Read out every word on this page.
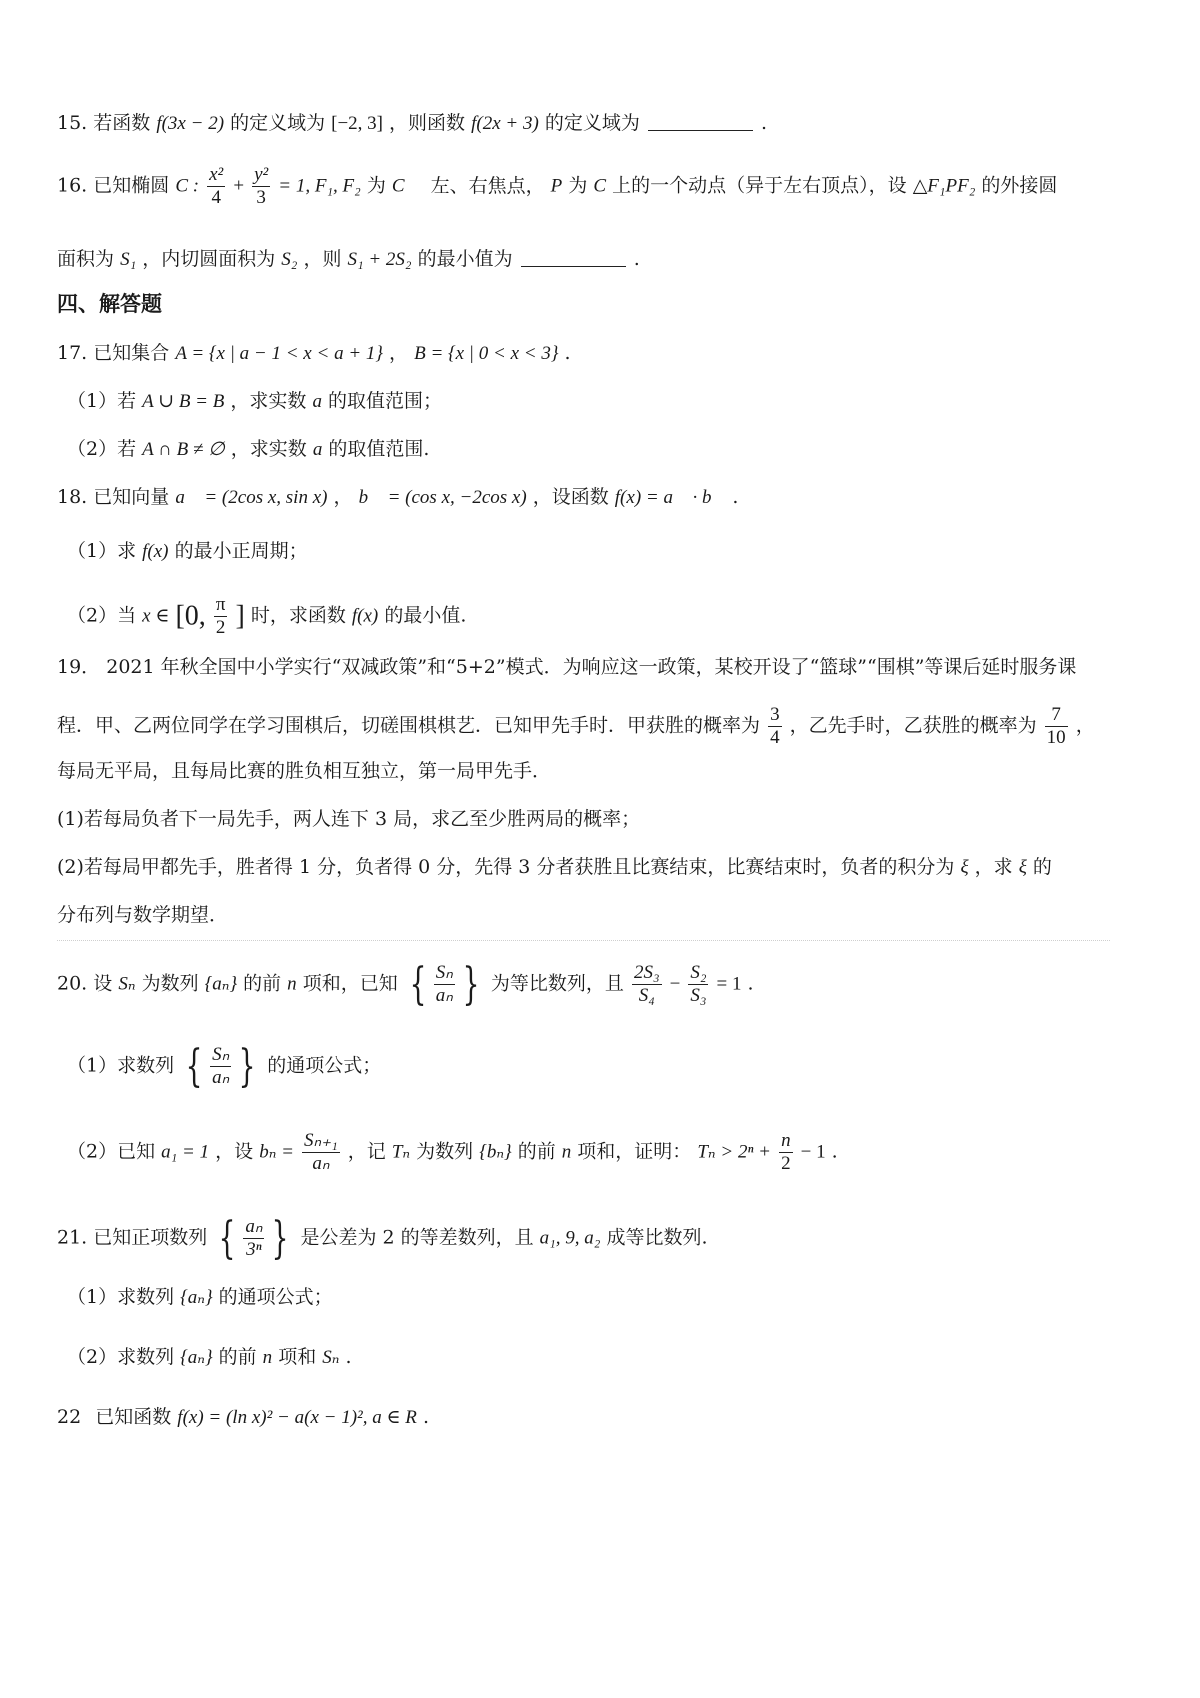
15. 若函数 f(3x − 2) 的定义域为 [−2, 3] ，则函数 f(2x + 3) 的定义域为	.
16. 已知椭圆 C : $\frac{\text{x²}}{4} + \frac{\text{y²}}{3} = 1$, F₁, F₂ 为 C 左、右焦点， P 为 C 上的一个动点（异于左右顶点），设 △F₁PF₂ 的外接圆
面积为 S₁ ，内切圆面积为 S₂ ，则 S₁ + 2S₂ 的最小值为	.
四、解答题
17. 已知集合 A = {x | a − 1 < x < a + 1} ， B = {x | 0 < x < 3} .
（1）若 A ∪ B = B ，求实数 a 的取值范围；
（2）若 A ∩ B ≠ ∅ ，求实数 a 的取值范围.
18. 已知向量 a⃗ = (2cos x, sin x) ， b⃗ = (cos x, −2cos x) ，设函数 f(x) = a⃗ · b⃗ .
（1）求 f(x) 的最小正周期；
（2）当 x ∈ [0, $\frac{\pi}{2}$ ] 时，求函数 f(x) 的最小值.
19． 2021 年秋全国中小学实行“双减政策”和“5+2”模式．为响应这一政策，某校开设了“篮球”“围棋”等课后延时服务课
程．甲、乙两位同学在学习围棋后，切磋围棋棋艺．已知甲先手时．甲获胜的概率为 $\frac{3}{4}$ ，乙先手时，乙获胜的概率为 $\frac{7}{10}$ ，
每局无平局，且每局比赛的胜负相互独立，第一局甲先手．
(1)若每局负者下一局先手，两人连下 3 局，求乙至少胜两局的概率；
(2)若每局甲都先手，胜者得 1 分，负者得 0 分，先得 3 分者获胜且比赛结束，比赛结束时，负者的积分为 ξ ，求 ξ 的
分布列与数学期望．
20. 设 Sₙ 为数列 {aₙ} 的前 n 项和，已知 { $\frac{\text{Sₙ}}{\text{aₙ}}$ } 为等比数列，且 $\frac{\text{2S₃}}{\text{S₄}} - \frac{\text{S₂}}{\text{S₃}} = 1$ .
（1）求数列 { $\frac{\text{Sₙ}}{\text{aₙ}}$ } 的通项公式；
（2）已知 a₁ = 1 ，设 $b_n = \frac{\text{Sₙ₊₁}}{\text{aₙ}}$ ，记 Tₙ 为数列 {bₙ} 的前 n 项和，证明： $T_n > 2^n + \frac{n}{2} - 1$ .
21. 已知正项数列 { $\frac{\text{aₙ}}{\text{3ⁿ}}$ } 是公差为 2 的等差数列，且 a₁, 9, a₂ 成等比数列.
（1）求数列 {aₙ} 的通项公式；
（2）求数列 {aₙ} 的前 n 项和 Sₙ .
22 已知函数 f(x) = (ln x)² − a(x − 1)², a ∈ R .
